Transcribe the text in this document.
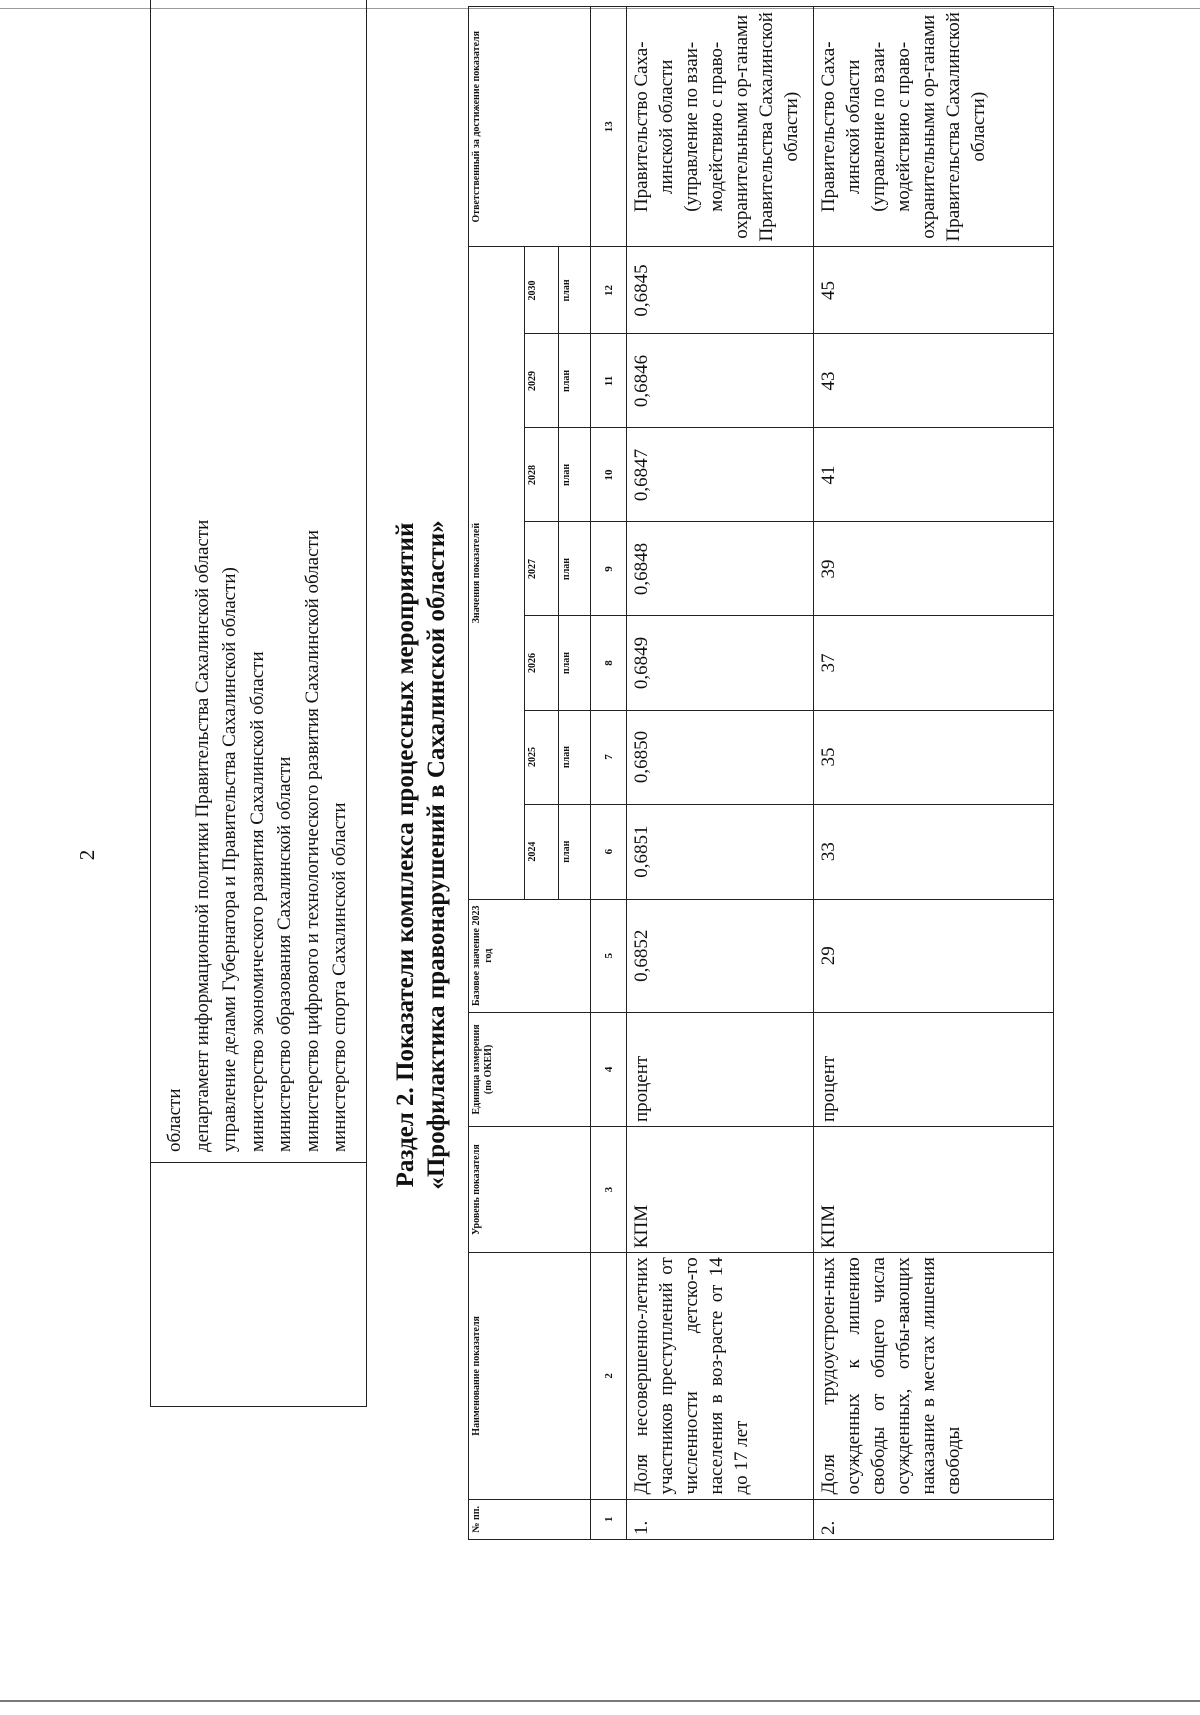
2
области департамент информационной политики Правительства Сахалинской области управление делами Губернатора и Правительства Сахалинской области) министерство экономического развития Сахалинской области министерство образования Сахалинской области министерство цифрового и технологического развития Сахалинской области министерство спорта Сахалинской области Раздел 2. Показатели комплекса процессных мероприятий «Профилактика правонарушений в Сахалинской области»
№ пп.	Наименование показателя	Уровень показателя	Единица измерения (по ОКЕИ)	Базовое значение 2023 год	Значения показателей							Ответственный за достижение показателя
					2024	2025	2026	2027	2028	2029	2030	
					план	план	план	план	план	план	план	
1	2	3	4	5	6	7	8	9	10	11	12	13
1.	Доля несовершенно-летних участников преступлений от численности детско-го населения в воз-расте от 14 до 17 лет	КПМ	процент	0,6852	0,6851	0,6850	0,6849	0,6848	0,6847	0,6846	0,6845	Правительство Саха-линской области (управление по взаи-модействию с право-охранительными ор-ганами Правительства Сахалинской области)
2.	Доля трудоустроен-ных осужденных к лишению свободы от общего числа осужденных, отбы-вающих наказание в местах лишения свободы	КПМ	процент	29	33	35	37	39	41	43	45	Правительство Саха-линской области (управление по взаи-модействию с право-охранительными ор-ганами Правительства Сахалинской области)
